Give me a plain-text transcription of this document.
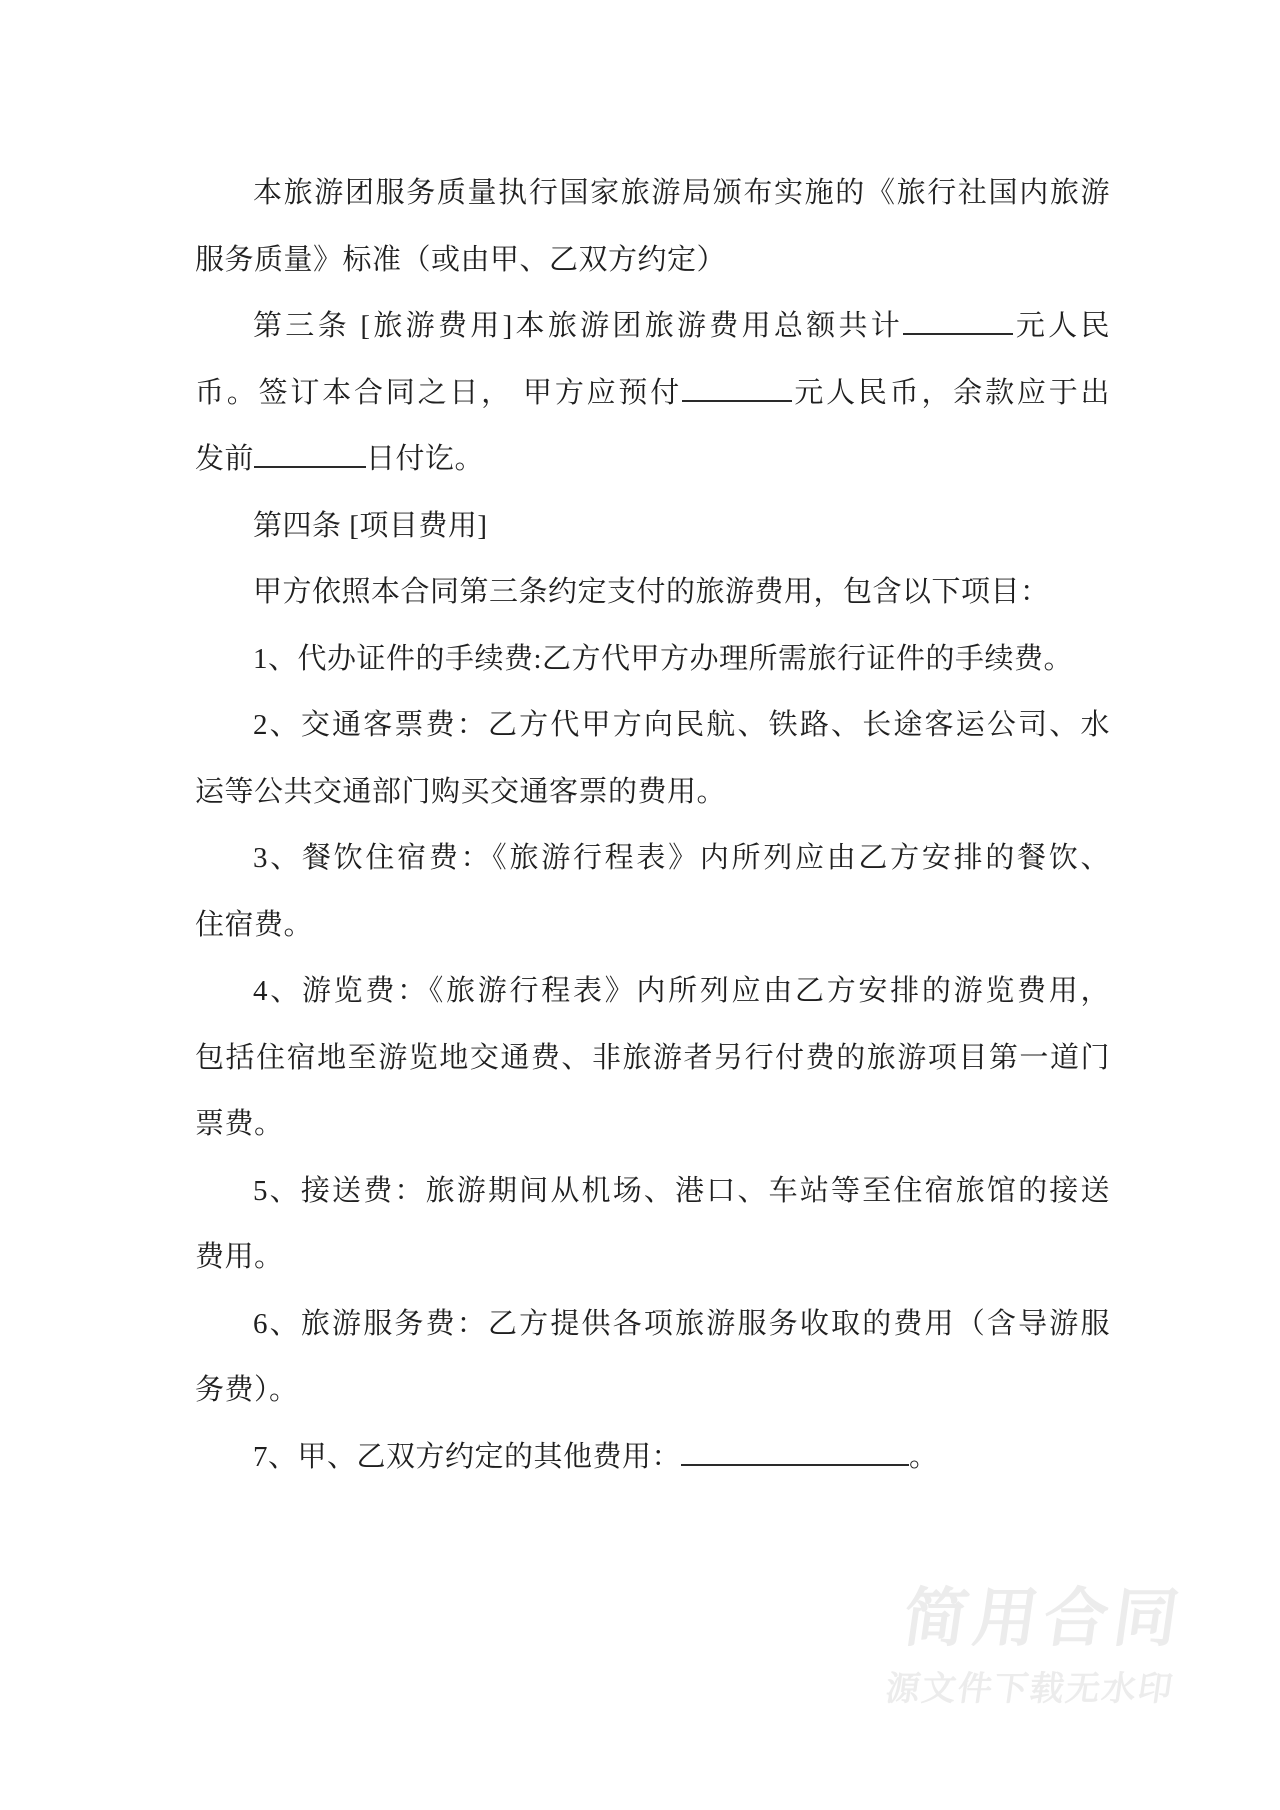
本旅游团服务质量执行国家旅游局颁布实施的《旅行社国内旅游
服务质量》标准（或由甲、乙双方约定）
第三条 [旅游费用]本旅游团旅游费用总额共计	元人民
币。签订本合同之日， 甲方应预付	元人民币，余款应于出
发前	日付讫。
第四条 [项目费用]
甲方依照本合同第三条约定支付的旅游费用，包含以下项目：
1、代办证件的手续费:乙方代甲方办理所需旅行证件的手续费。
2、交通客票费：乙方代甲方向民航、铁路、长途客运公司、水
运等公共交通部门购买交通客票的费用。
3、餐饮住宿费：《旅游行程表》内所列应由乙方安排的餐饮、
住宿费。
4、游览费：《旅游行程表》内所列应由乙方安排的游览费用，
包括住宿地至游览地交通费、非旅游者另行付费的旅游项目第一道门
票费。
5、接送费：旅游期间从机场、港口、车站等至住宿旅馆的接送
费用。
6、旅游服务费：乙方提供各项旅游服务收取的费用（含导游服
务费）。
7、甲、乙双方约定的其他费用：	。
简用合同
源文件下载无水印
